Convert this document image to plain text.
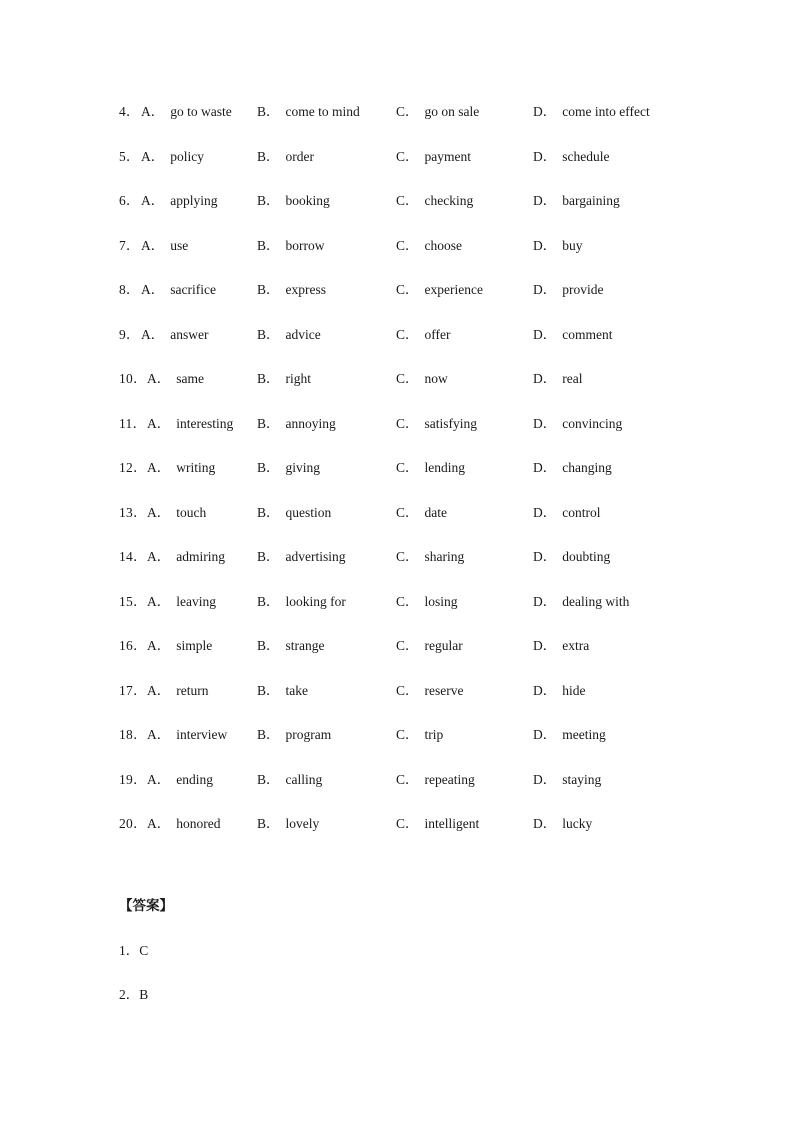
4． A． go to waste B． come to mind	C． go on sale	D． come into effect
5． A． policy	B． order	C． payment	D． schedule
6． A． applying	B． booking	C． checking	D． bargaining
7． A． use	B． borrow	C． choose	D． buy
8． A． sacrifice	B． express	C． experience	D． provide
9． A． answer	B． advice	C． offer	D． comment
10． A． same	B． right	C． now	D． real
11． A． interesting B． annoying	C． satisfying	D． convincing
12． A． writing	B． giving	C． lending	D． changing
13． A． touch	B． question	C． date	D． control
14． A． admiring B． advertising	C． sharing	D． doubting
15． A． leaving	B． looking for	C． losing	D． dealing with
16． A． simple	B． strange	C． regular	D． extra
17． A． return	B． take	C． reserve	D． hide
18． A． interview B． program	C． trip	D． meeting
19． A． ending	B． calling	C． repeating	D． staying
20． A． honored	B． lovely	C． intelligent	D． lucky
【答案】
1．C
2．B
